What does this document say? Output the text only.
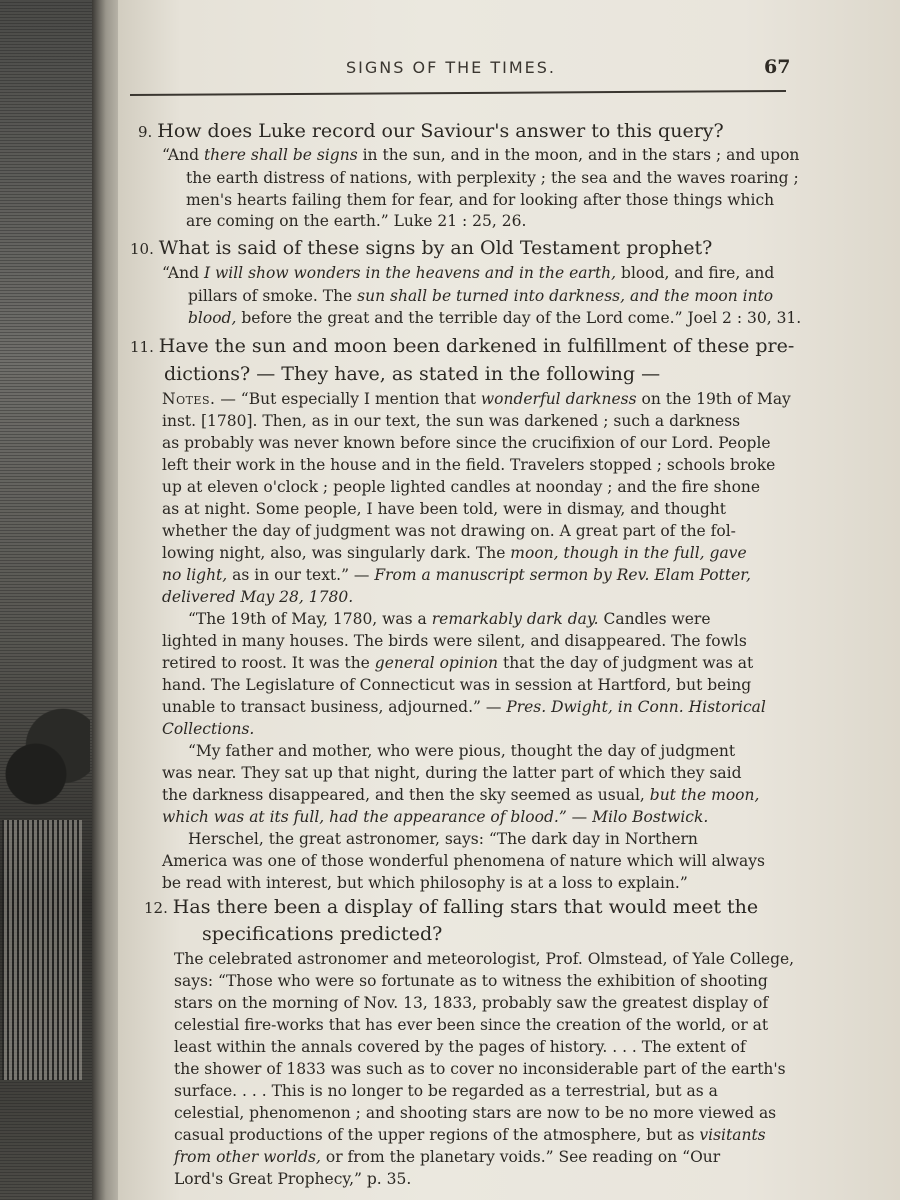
SIGNS OF THE TIMES.	67
9. How does Luke record our Saviour's answer to this query?
“And there shall be signs in the sun, and in the moon, and in the stars ; and upon
the earth distress of nations, with perplexity ; the sea and the waves roaring ;
men's hearts failing them for fear, and for looking after those things which
are coming on the earth.” Luke 21 : 25, 26.
10. What is said of these signs by an Old Testament prophet?
“And I will show wonders in the heavens and in the earth, blood, and fire, and
pillars of smoke. The sun shall be turned into darkness, and the moon into
blood, before the great and the terrible day of the Lord come.” Joel 2 : 30, 31.
11. Have the sun and moon been darkened in fulfillment of these pre-
dictions? — They have, as stated in the following —
Notes. — “But especially I mention that wonderful darkness on the 19th of May
inst. [1780]. Then, as in our text, the sun was darkened ; such a darkness
as probably was never known before since the crucifixion of our Lord. People
left their work in the house and in the field. Travelers stopped ; schools broke
up at eleven o'clock ; people lighted candles at noonday ; and the fire shone
as at night. Some people, I have been told, were in dismay, and thought
whether the day of judgment was not drawing on. A great part of the fol-
lowing night, also, was singularly dark. The moon, though in the full, gave
no light, as in our text.” — From a manuscript sermon by Rev. Elam Potter,
delivered May 28, 1780.
“The 19th of May, 1780, was a remarkably dark day. Candles were
lighted in many houses. The birds were silent, and disappeared. The fowls
retired to roost. It was the general opinion that the day of judgment was at
hand. The Legislature of Connecticut was in session at Hartford, but being
unable to transact business, adjourned.” — Pres. Dwight, in Conn. Historical
Collections.
“My father and mother, who were pious, thought the day of judgment
was near. They sat up that night, during the latter part of which they said
the darkness disappeared, and then the sky seemed as usual, but the moon,
which was at its full, had the appearance of blood.” — Milo Bostwick.
Herschel, the great astronomer, says: “The dark day in Northern
America was one of those wonderful phenomena of nature which will always
be read with interest, but which philosophy is at a loss to explain.”
12. Has there been a display of falling stars that would meet the
specifications predicted?
The celebrated astronomer and meteorologist, Prof. Olmstead, of Yale College,
says: “Those who were so fortunate as to witness the exhibition of shooting
stars on the morning of Nov. 13, 1833, probably saw the greatest display of
celestial fire-works that has ever been since the creation of the world, or at
least within the annals covered by the pages of history. . . . The extent of
the shower of 1833 was such as to cover no inconsiderable part of the earth's
surface. . . . This is no longer to be regarded as a terrestrial, but as a
celestial, phenomenon ; and shooting stars are now to be no more viewed as
casual productions of the upper regions of the atmosphere, but as visitants
from other worlds, or from the planetary voids.” See reading on “Our
Lord's Great Prophecy,” p. 35.
